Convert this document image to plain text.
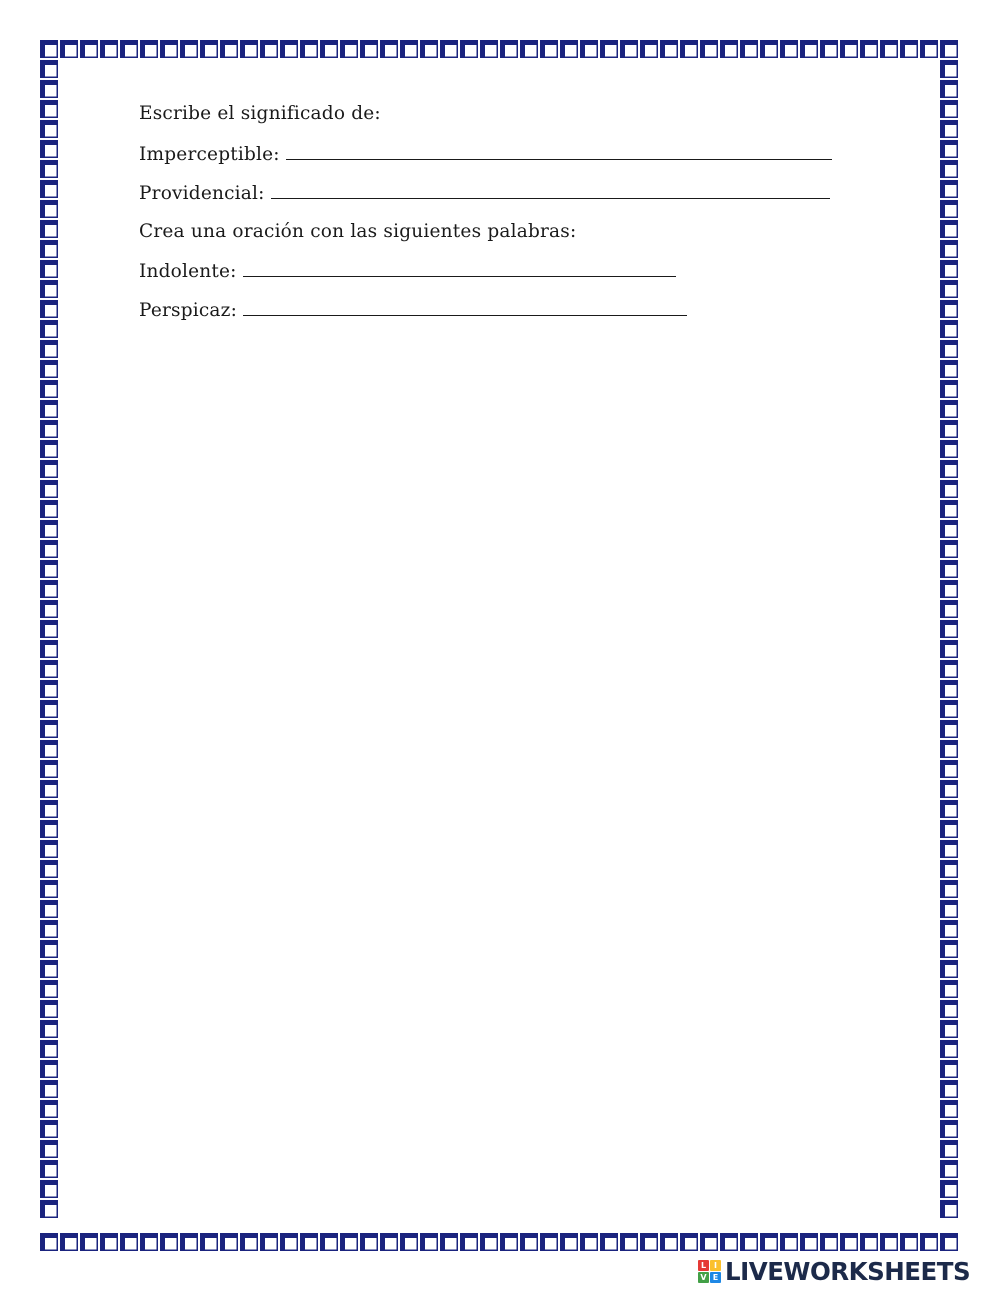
Escribe el significado de:
Imperceptible:
Providencial:
Crea una oración con las siguientes palabras:
Indolente:
Perspicaz:
L I
V E LIVEWORKSHEETS
